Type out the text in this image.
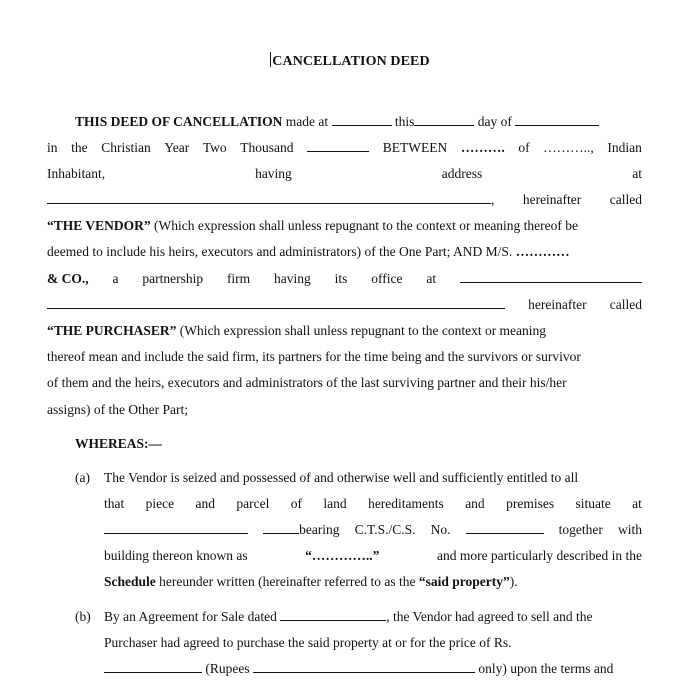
CANCELLATION DEED
THIS DEED OF CANCELLATION made at	this	day of
in the Christian Year Two Thousand	BETWEEN ………. of ……….., Indian
Inhabitant,	having	address	at
, hereinafter called
“THE VENDOR” (Which expression shall unless repugnant to the context or meaning thereof be
deemed to include his heirs, executors and administrators) of the One Part; AND M/S. …………
& CO., a partnership firm having its office at
hereinafter called
“THE PURCHASER” (Which expression shall unless repugnant to the context or meaning
thereof mean and include the said firm, its partners for the time being and the survivors or survivor
of them and the heirs, executors and administrators of the last surviving partner and their his/her
assigns) of the Other Part;
WHEREAS:—
(a)	The Vendor is seized and possessed of and otherwise well and sufficiently entitled to all
that piece and parcel of land hereditaments and premises situate at
bearing C.T.S./C.S. No.	together with
building thereon known as	“…………..”	and more particularly described in the
Schedule hereunder written (hereinafter referred to as the “said property”).
(b) By an Agreement for Sale dated	, the Vendor had agreed to sell and the
Purchaser had agreed to purchase the said property at or for the price of Rs.
(Rupees	only) upon the terms and
